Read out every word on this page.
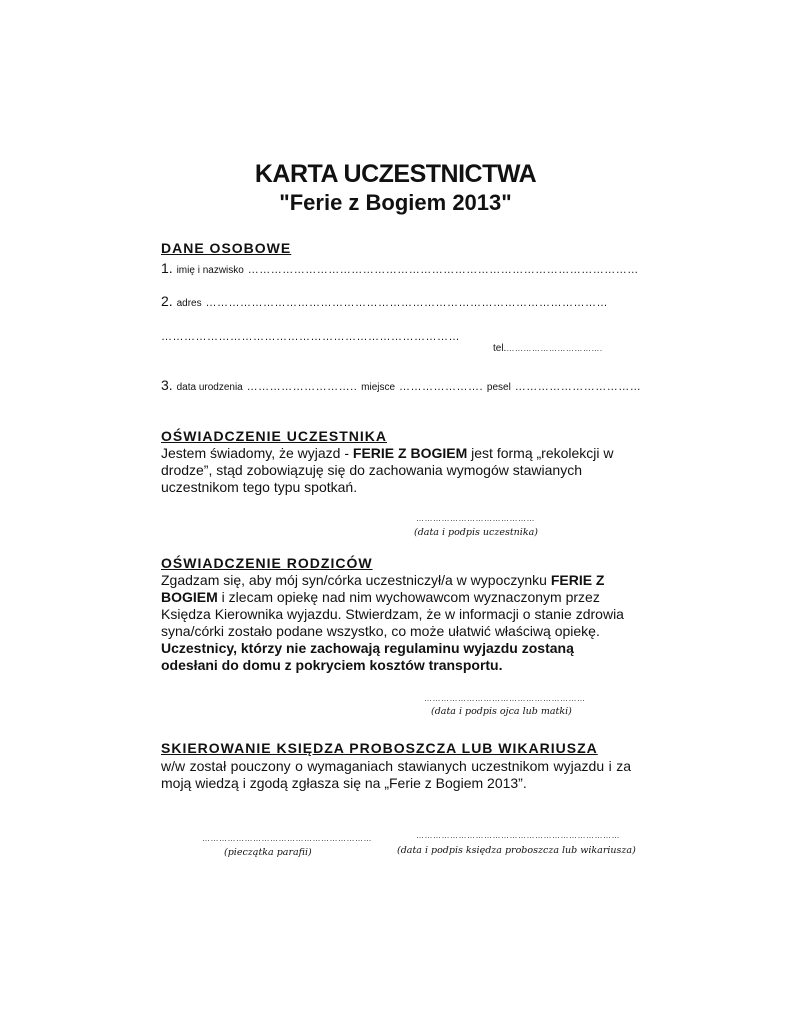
KARTA UCZESTNICTWA
"Ferie z Bogiem 2013"
DANE OSOBOWE
1. imię i nazwisko …………………………………………………………………………………………
2. adres ……………………………………………………………………………………………
……………………………………………………………………
tel.…………………………….
3. data urodzenia ……………………….. miejsce …………………. pesel ……………………………
OŚWIADCZENIE UCZESTNIKA
Jestem świadomy, że wyjazd - FERIE Z BOGIEM jest formą „rekolekcji w drodze”, stąd zobowiązuję się do zachowania wymogów stawianych uczestnikom tego typu spotkań.
……………………………………
(data i podpis uczestnika)
OŚWIADCZENIE RODZICÓW
Zgadzam się, aby mój syn/córka uczestniczył/a w wypoczynku FERIE Z BOGIEM i zlecam opiekę nad nim wychowawcom wyznaczonym przez Księdza Kierownika wyjazdu. Stwierdzam, że w informacji o stanie zdrowia syna/córki zostało podane wszystko, co może ułatwić właściwą opiekę. Uczestnicy, którzy nie zachowają regulaminu wyjazdu zostaną odesłani do domu z pokryciem kosztów transportu.
…………………………………………………
(data i podpis ojca lub matki)
SKIEROWANIE KSIĘDZA PROBOSZCZA LUB WIKARIUSZA
w/w został pouczony o wymaganiach stawianych uczestnikom wyjazdu i za moją wiedzą i zgodą zgłasza się na „Ferie z Bogiem 2013”.
……………………………………………………
(pieczątka parafii)
………………………………………………………………
(data i podpis księdza proboszcza lub wikariusza)
